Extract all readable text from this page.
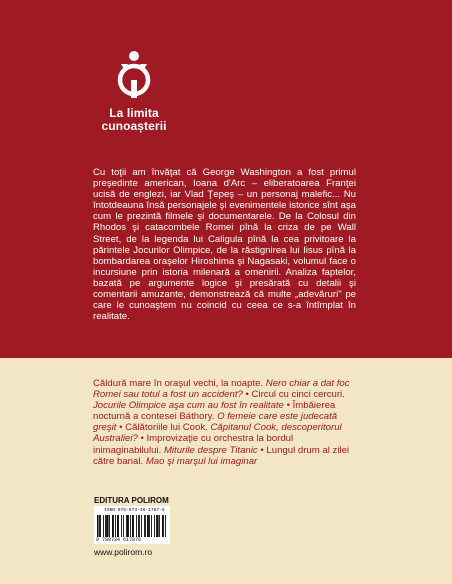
La limita
cunoașterii
Cu toţii am învăţat că George Washington a fost primul preşedinte american, Ioana d'Arc – eliberatoarea Franţei ucisă de englezi, iar Vlad Ţepeş – un personaj malefic... Nu întotdeauna însă personajele şi evenimentele istorice sînt aşa cum le prezintă filmele şi documentarele. De la Colosul din Rhodos şi catacombele Romei pînă la criza de pe Wall Street, de la legenda lui Caligula pînă la cea privitoare la părintele Jocurilor Olimpice, de la răstignirea lui Iisus pînă la bombardarea oraşelor Hiroshima şi Nagasaki, volumul face o incursiune prin istoria milenară a omenirii. Analiza faptelor, bazată pe argumente logice şi presărată cu detalii şi comentarii amuzante, demonstrează că multe „adevăruri" pe care le cunoaştem nu coincid cu ceea ce s-a întîmplat în realitate.
Căldură mare în oraşul vechi, la noapte. Nero chiar a dat foc Romei sau totul a fost un accident? • Circul cu cinci cercuri. Jocurile Olimpice aşa cum au fost în realitate • Îmbăierea nocturnă a contesei Báthory. O femeie care este judecată greşit • Călătoriile lui Cook. Căpitanul Cook, descoperitorul Australiei? • Improvizaţie cu orchestra la bordul inimaginabilului. Miturile despre Titanic • Lungul drum al zilei către banal. Mao şi marşul lui imaginar
EDITURA POLIROM
ISBN 978-973-46-1787-6
9 789734 617876
www.polirom.ro
